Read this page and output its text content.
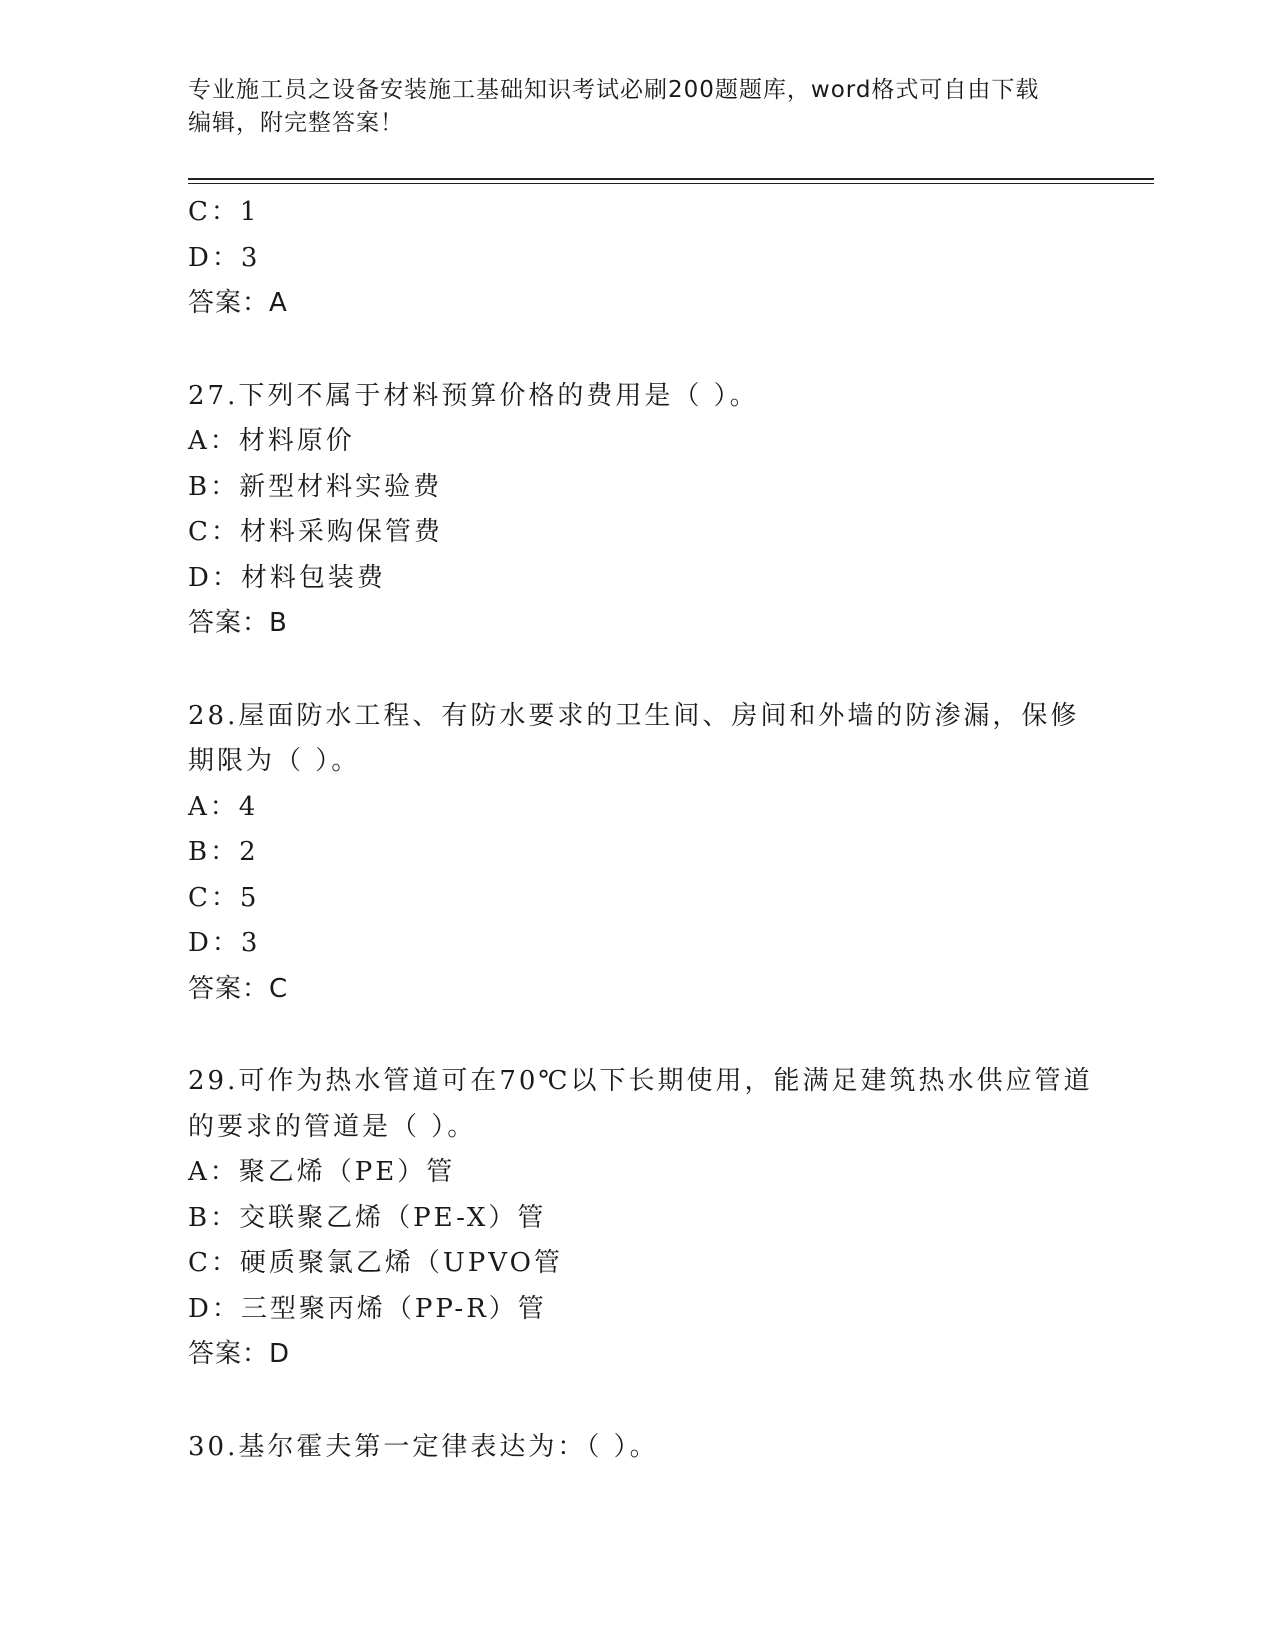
专业施工员之设备安装施工基础知识考试必刷200题题库，word格式可自由下载
编辑，附完整答案！
C：1
D：3
答案：A
27.下列不属于材料预算价格的费用是（ ）。
A：材料原价
B：新型材料实验费
C：材料采购保管费
D：材料包装费
答案：B
28.屋面防水工程、有防水要求的卫生间、房间和外墙的防渗漏，保修
期限为（ ）。
A：4
B：2
C：5
D：3
答案：C
29.可作为热水管道可在70℃以下长期使用，能满足建筑热水供应管道
的要求的管道是（ ）。
A：聚乙烯（PE）管
B：交联聚乙烯（PE-X）管
C：硬质聚氯乙烯（UPVO管
D：三型聚丙烯（PP-R）管
答案：D
30.基尔霍夫第一定律表达为：（ ）。
